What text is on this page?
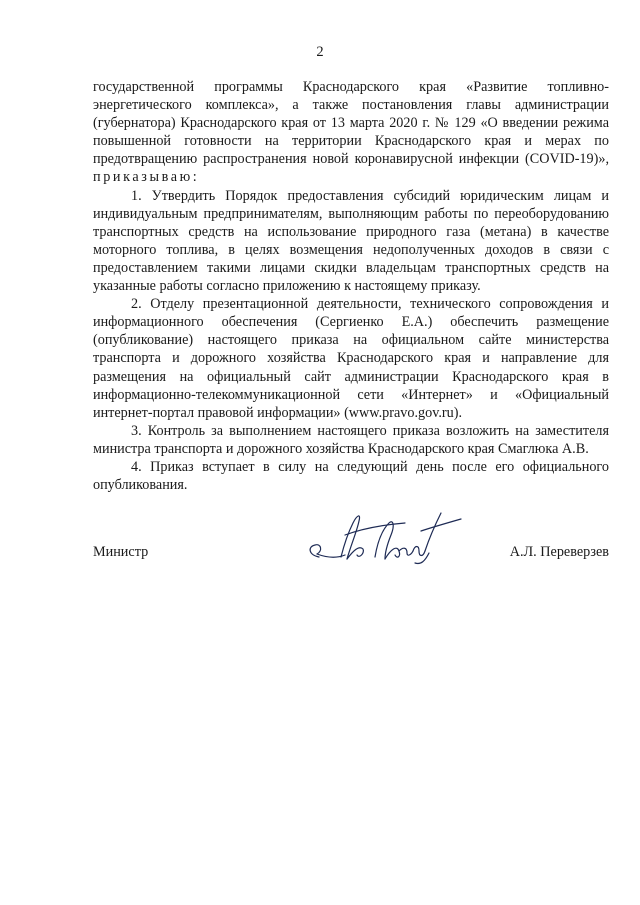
2

государственной программы Краснодарского края «Развитие топливно-энергетического комплекса», а также постановления главы администрации (губернатора) Краснодарского края от 13 марта 2020 г. № 129 «О введении режима повышенной готовности на территории Краснодарского края и мерах по предотвращению распространения новой коронавирусной инфекции (COVID-19)», приказываю:

1. Утвердить Порядок предоставления субсидий юридическим лицам и индивидуальным предпринимателям, выполняющим работы по переоборудованию транспортных средств на использование природного газа (метана) в качестве моторного топлива, в целях возмещения недополученных доходов в связи с предоставлением такими лицами скидки владельцам транспортных средств на указанные работы согласно приложению к настоящему приказу.

2. Отделу презентационной деятельности, технического сопровождения и информационного обеспечения (Сергиенко Е.А.) обеспечить размещение (опубликование) настоящего приказа на официальном сайте министерства транспорта и дорожного хозяйства Краснодарского края и направление для размещения на официальный сайт администрации Краснодарского края в информационно-телекоммуникационной сети «Интернет» и «Официальный интернет-портал правовой информации» (www.pravo.gov.ru).

3. Контроль за выполнением настоящего приказа возложить на заместителя министра транспорта и дорожного хозяйства Краснодарского края Смаглюка А.В.

4. Приказ вступает в силу на следующий день после его официального опубликования.

Министр	А.Л. Переверзев
